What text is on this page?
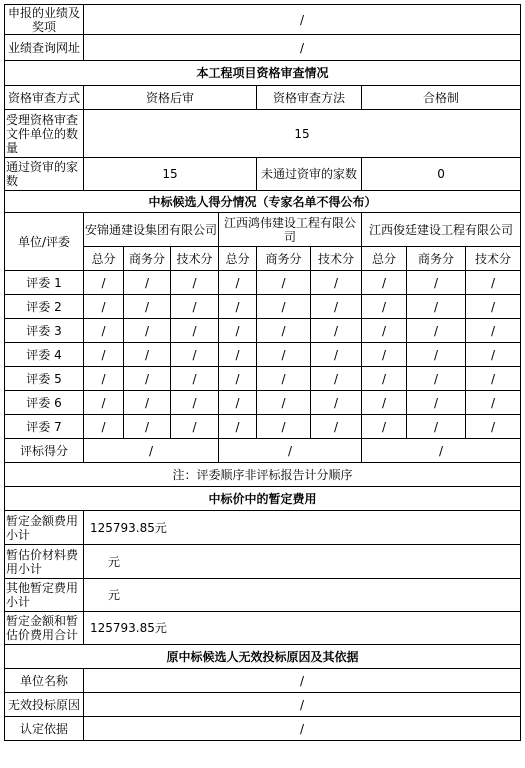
申报的业绩及奖项	/								
业绩查询网址	/								
本工程项目资格审查情况									
资格审查方式	资格后审				资格审查方法		合格制		
受理资格审查文件单位的数量	15								
通过资审的家数	15				未通过资审的家数		0		
中标候选人得分情况（专家名单不得公布）									
单位/评委	安锦通建设集团有限公司			江西鸿伟建设工程有限公司			江西俊廷建设工程有限公司		
	总分	商务分	技术分	总分	商务分	技术分	总分	商务分	技术分
评委 1	/	/	/	/	/	/	/	/	/
评委 2	/	/	/	/	/	/	/	/	/
评委 3	/	/	/	/	/	/	/	/	/
评委 4	/	/	/	/	/	/	/	/	/
评委 5	/	/	/	/	/	/	/	/	/
评委 6	/	/	/	/	/	/	/	/	/
评委 7	/	/	/	/	/	/	/	/	/
评标得分	/			/			/		
注：评委顺序非评标报告计分顺序									
中标价中的暂定费用									
暂定金额费用小计	125793.85元								
暂估价材料费用小计	元								
其他暂定费用小计	元								
暂定金额和暂估价费用合计	125793.85元								
原中标候选人无效投标原因及其依据									
单位名称	/								
无效投标原因	/								
认定依据	/								
